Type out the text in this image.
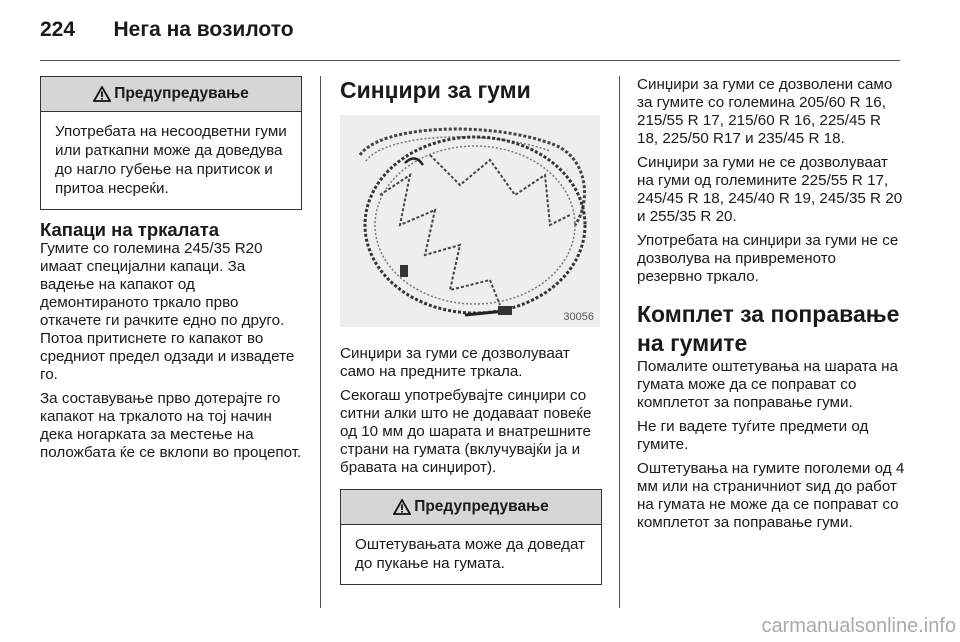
224 Нега на возилото
Предупредување
Употребата на несоодветни гуми или раткапни може да доведува до нагло губење на притисок и притоа несреќи.
Капаци на тркалата

Гумите со големина 245/35 R20 имаат специјални капаци. За вадење на капакот од демонтираното тркало прво откачете ги рачките едно по друго. Потоа притиснете го капакот во средниот предел одзади и извадете го.

За составување прво дотерајте го капакот на тркалото на тој начин дека ногарката за местење на положбата ќе се вклопи во процепот.

Синџири за гуми
30056

Синџири за гуми се дозволуваат само на предните тркала.

Секогаш употребувајте синџири со ситни алки што не додаваат повеќе од 10 мм до шарата и внатрешните страни на гумата (вклучувајќи ја и бравата на синџирот).

Предупредување
Оштетувањата може да доведат до пукање на гумата.

Синџири за гуми се дозволени само за гумите со големина 205/60 R 16, 215/55 R 17, 215/60 R 16, 225/45 R 18, 225/50 R17 и 235/45 R 18.

Синџири за гуми не се дозволуваат на гуми од големините 225/55 R 17, 245/45 R 18, 245/40 R 19, 245/35 R 20 и 255/35 R 20.

Употребата на синџири за гуми не се дозволува на привременото резервно тркало.

Комплет за поправање
на гумите

Помалите оштетувања на шарата на гумата може да се поправат со комплетот за поправање гуми.

Не ги вадете туѓите предмети од гумите.

Оштетувања на гумите поголеми од 4 мм или на страничниот ѕид до работ на гумата не може да се поправат со комплетот за поправање гуми.

carmanualsonline.info
